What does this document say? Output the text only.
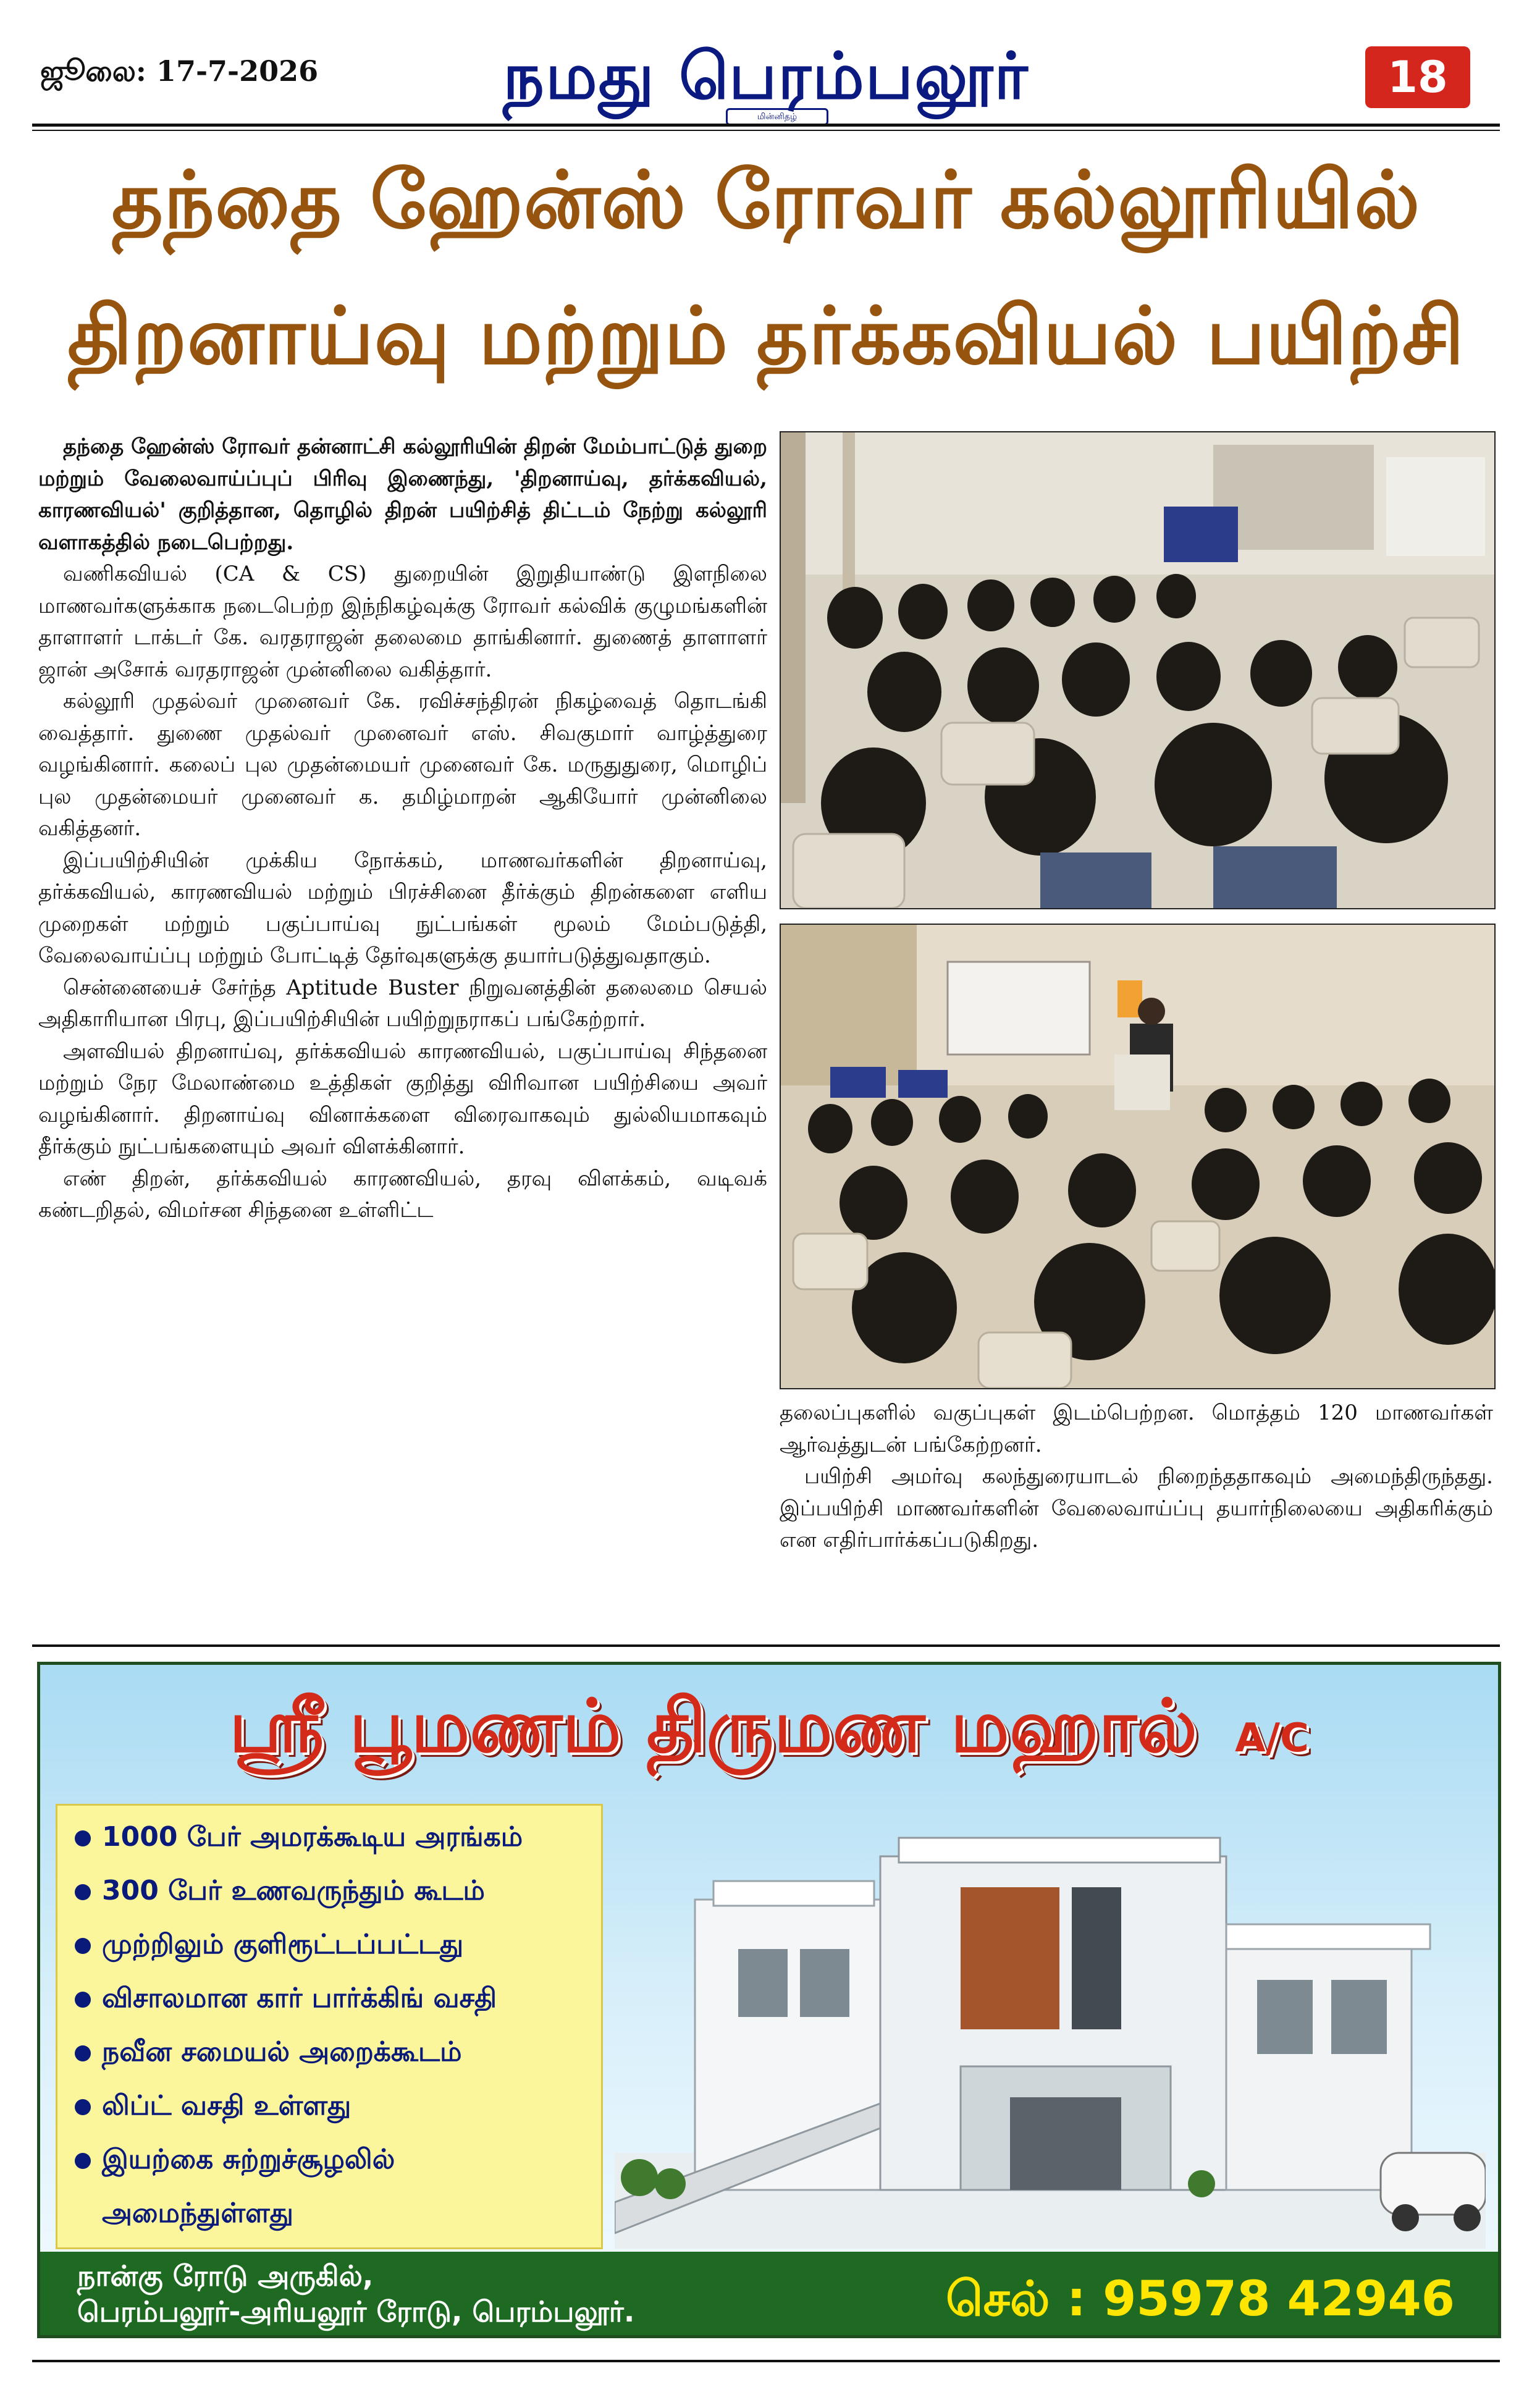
ஜூலை: 17-7-2026	நமது பெரம்பலூர்
மின்னிதழ்
18
தந்தை ஹேன்ஸ் ரோவர் கல்லூரியில்
திறனாய்வு மற்றும் தர்க்கவியல் பயிற்சி

தந்தை ஹேன்ஸ் ரோவர் தன்னாட்சி கல்லூரியின் திறன் மேம்பாட்டுத் துறை மற்றும் வேலைவாய்ப்புப் பிரிவு இணைந்து, 'திறனாய்வு, தர்க்கவியல், காரணவியல்' குறித்தான, தொழில் திறன் பயிற்சித் திட்டம் நேற்று கல்லூரி வளாகத்தில் நடைபெற்றது.

வணிகவியல் (CA & CS) துறையின் இறுதியாண்டு இளநிலை மாணவர்களுக்காக நடைபெற்ற இந்நிகழ்வுக்கு ரோவர் கல்விக் குழுமங்களின் தாளாளர் டாக்டர் கே. வரதராஜன் தலைமை தாங்கினார். துணைத் தாளாளர் ஜான் அசோக் வரதராஜன் முன்னிலை வகித்தார்.

கல்லூரி முதல்வர் முனைவர் கே. ரவிச்சந்திரன் நிகழ்வைத் தொடங்கி வைத்தார். துணை முதல்வர் முனைவர் எஸ். சிவகுமார் வாழ்த்துரை வழங்கினார். கலைப் புல முதன்மையர் முனைவர் கே. மருதுதுரை, மொழிப் புல முதன்மையர் முனைவர் க. தமிழ்மாறன் ஆகியோர் முன்னிலை வகித்தனர்.

இப்பயிற்சியின் முக்கிய நோக்கம், மாணவர்களின் திறனாய்வு, தர்க்கவியல், காரணவியல் மற்றும் பிரச்சினை தீர்க்கும் திறன்களை எளிய முறைகள் மற்றும் பகுப்பாய்வு நுட்பங்கள் மூலம் மேம்படுத்தி, வேலைவாய்ப்பு மற்றும் போட்டித் தேர்வுகளுக்கு தயார்படுத்துவதாகும்.

சென்னையைச் சேர்ந்த Aptitude Buster நிறுவனத்தின் தலைமை செயல் அதிகாரியான பிரபு, இப்பயிற்சியின் பயிற்றுநராகப் பங்கேற்றார்.

அளவியல் திறனாய்வு, தர்க்கவியல் காரணவியல், பகுப்பாய்வு சிந்தனை மற்றும் நேர மேலாண்மை உத்திகள் குறித்து விரிவான பயிற்சியை அவர் வழங்கினார். திறனாய்வு வினாக்களை விரைவாகவும் துல்லியமாகவும் தீர்க்கும் நுட்பங்களையும் அவர் விளக்கினார்.

எண் திறன், தர்க்கவியல் காரணவியல், தரவு விளக்கம், வடிவக் கண்டறிதல், விமர்சன சிந்தனை உள்ளிட்ட

தலைப்புகளில் வகுப்புகள் இடம்பெற்றன. மொத்தம் 120 மாணவர்கள் ஆர்வத்துடன் பங்கேற்றனர்.

பயிற்சி அமர்வு கலந்துரையாடல் நிறைந்ததாகவும் அமைந்திருந்தது. இப்பயிற்சி மாணவர்களின் வேலைவாய்ப்பு தயார்நிலையை அதிகரிக்கும் என எதிர்பார்க்கப்படுகிறது.

ஸ்ரீ பூமணம் திருமண மஹால் A/C
1000 பேர் அமரக்கூடிய அரங்கம்
300 பேர் உணவருந்தும் கூடம்
முற்றிலும் குளிரூட்டப்பட்டது
விசாலமான கார் பார்க்கிங் வசதி
நவீன சமையல் அறைக்கூடம்
லிப்ட் வசதி உள்ளது
இயற்கை சுற்றுச்சூழலில்
அமைந்துள்ளது
நான்கு ரோடு அருகில்,
பெரம்பலூர்-அரியலூர் ரோடு, பெரம்பலூர்.	செல் : 95978 42946
